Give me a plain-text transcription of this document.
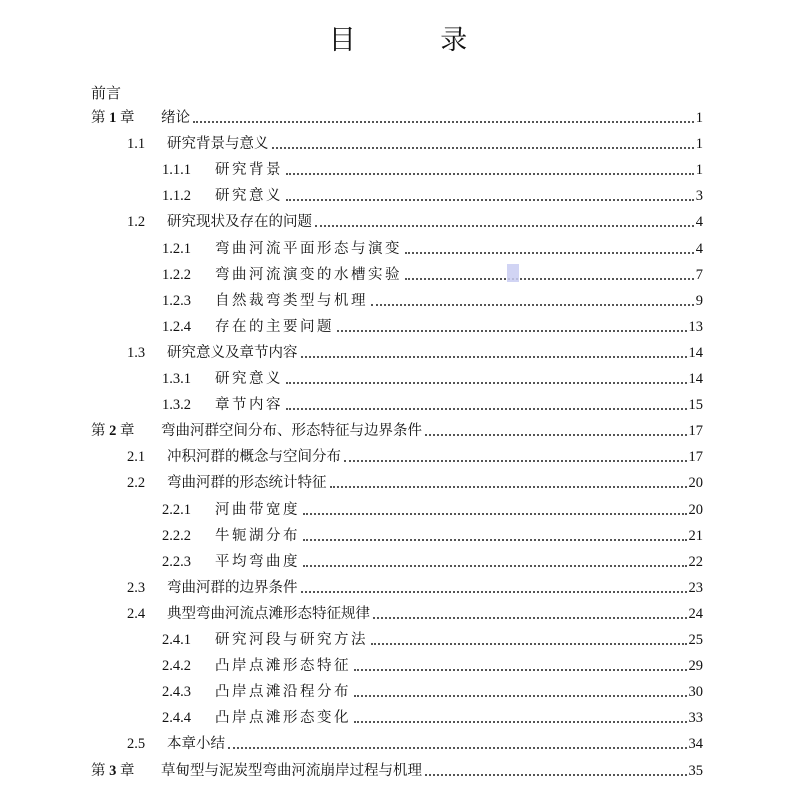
目 录
前言
第 1 章	绪论	1
1.1	研究背景与意义	1
1.1.1	研究背景	1
1.1.2	研究意义	3
1.2	研究现状及存在的问题	4
1.2.1	弯曲河流平面形态与演变	4
1.2.2	弯曲河流演变的水槽实验	7
1.2.3	自然裁弯类型与机理	9
1.2.4	存在的主要问题	13
1.3	研究意义及章节内容	14
1.3.1	研究意义	14
1.3.2	章节内容	15
第 2 章	弯曲河群空间分布、形态特征与边界条件	17
2.1	冲积河群的概念与空间分布	17
2.2	弯曲河群的形态统计特征	20
2.2.1	河曲带宽度	20
2.2.2	牛轭湖分布	21
2.2.3	平均弯曲度	22
2.3	弯曲河群的边界条件	23
2.4	典型弯曲河流点滩形态特征规律	24
2.4.1	研究河段与研究方法	25
2.4.2	凸岸点滩形态特征	29
2.4.3	凸岸点滩沿程分布	30
2.4.4	凸岸点滩形态变化	33
2.5	本章小结	34
第 3 章	草甸型与泥炭型弯曲河流崩岸过程与机理	35
